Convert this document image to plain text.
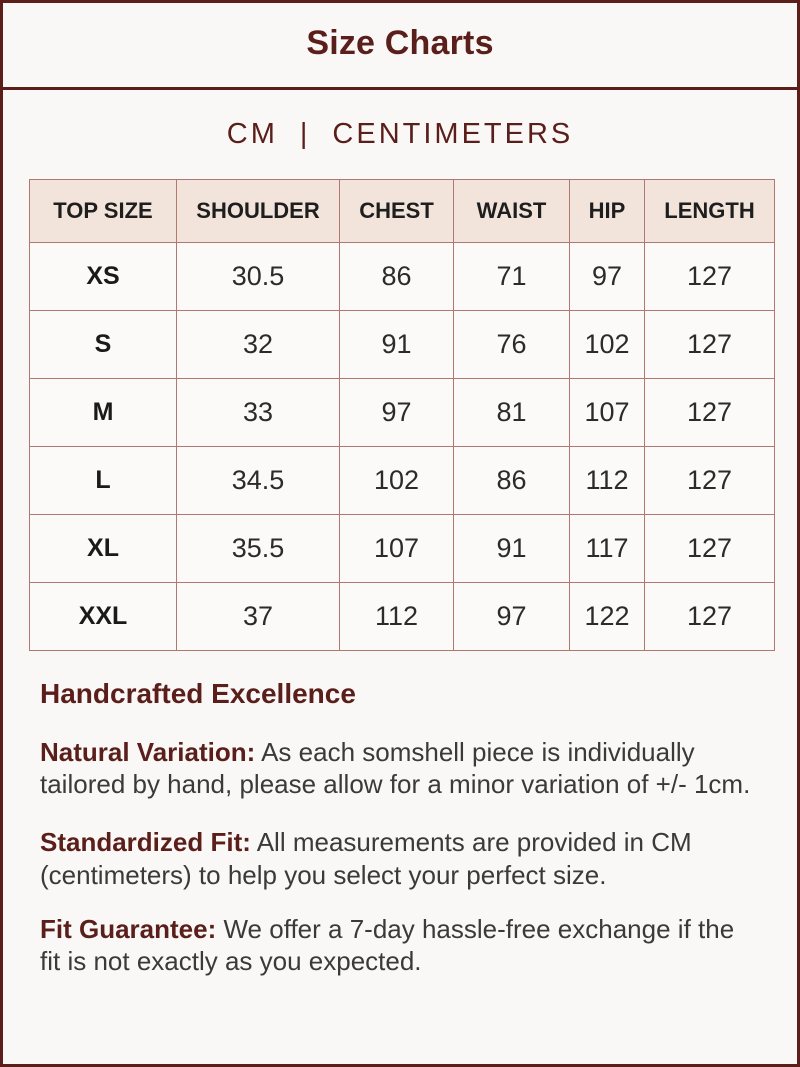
Size Charts
CM | CENTIMETERS
TOP SIZE	SHOULDER	CHEST	WAIST	HIP	LENGTH
XS	30.5	86	71	97	127
S	32	91	76	102	127
M	33	97	81	107	127
L	34.5	102	86	112	127
XL	35.5	107	91	117	127
XXL	37	112	97	122	127
Handcrafted Excellence

Natural Variation: As each somshell piece is individually tailored by hand, please allow for a minor variation of +/- 1cm.

Standardized Fit: All measurements are provided in CM (centimeters) to help you select your perfect size.

Fit Guarantee: We offer a 7-day hassle-free exchange if the fit is not exactly as you expected.
